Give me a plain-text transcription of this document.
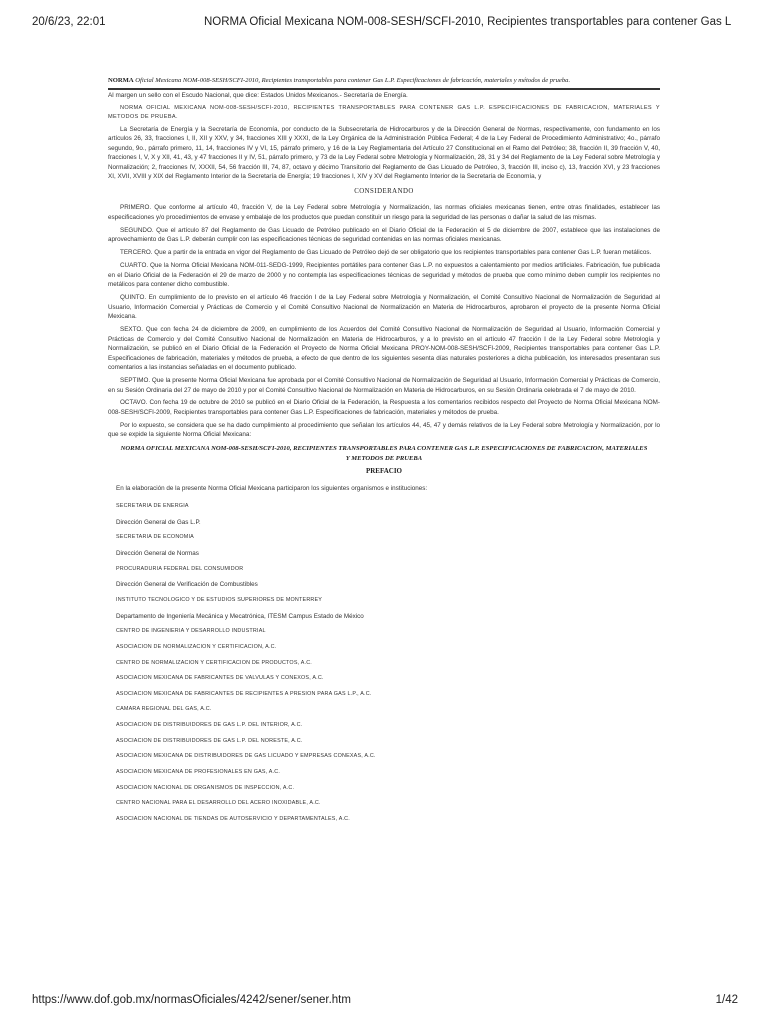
20/6/23, 22:01	NORMA Oficial Mexicana NOM-008-SESH/SCFI-2010, Recipientes transportables para contener Gas L

NORMA Oficial Mexicana NOM-008-SESH/SCFI-2010, Recipientes transportables para contener Gas L.P. Especificaciones de fabricación, materiales y métodos de prueba.

Al margen un sello con el Escudo Nacional, que dice: Estados Unidos Mexicanos.- Secretaría de Energía.

NORMA OFICIAL MEXICANA NOM-008-SESH/SCFI-2010, RECIPIENTES TRANSPORTABLES PARA CONTENER GAS L.P. ESPECIFICACIONES DE FABRICACION, MATERIALES Y METODOS DE PRUEBA.

La Secretaría de Energía y la Secretaría de Economía, por conducto de la Subsecretaría de Hidrocarburos y de la Dirección General de Normas, respectivamente, con fundamento en los artículos 26, 33, fracciones I, II, XII y XXV, y 34, fracciones XIII y XXXI, de la Ley Orgánica de la Administración Pública Federal; 4 de la Ley Federal de Procedimiento Administrativo; 4o., párrafo segundo, 9o., párrafo primero, 11, 14, fracciones IV y VI, 15, párrafo primero, y 16 de la Ley Reglamentaria del Artículo 27 Constitucional en el Ramo del Petróleo; 38, fracción II, 39 fracción V, 40, fracciones I, V, X y XII, 41, 43, y 47 fracciones II y IV, 51, párrafo primero, y 73 de la Ley Federal sobre Metrología y Normalización, 28, 31 y 34 del Reglamento de la Ley Federal sobre Metrología y Normalización; 2, fracciones IV, XXXII, 54, 56 fracción III, 74, 87, octavo y décimo Transitorio del Reglamento de Gas Licuado de Petróleo, 3, fracción III, inciso c), 13, fracción XVI, y 23 fracciones XI, XVII, XVIII y XIX del Reglamento Interior de la Secretaría de Energía; 19 fracciones I, XIV y XV del Reglamento Interior de la Secretaría de Economía, y

CONSIDERANDO

PRIMERO. Que conforme al artículo 40, fracción V, de la Ley Federal sobre Metrología y Normalización, las normas oficiales mexicanas tienen, entre otras finalidades, establecer las especificaciones y/o procedimientos de envase y embalaje de los productos que puedan constituir un riesgo para la seguridad de las personas o dañar la salud de las mismas.

SEGUNDO. Que el artículo 87 del Reglamento de Gas Licuado de Petróleo publicado en el Diario Oficial de la Federación el 5 de diciembre de 2007, establece que las instalaciones de aprovechamiento de Gas L.P. deberán cumplir con las especificaciones técnicas de seguridad contenidas en las normas oficiales mexicanas.

TERCERO. Que a partir de la entrada en vigor del Reglamento de Gas Licuado de Petróleo dejó de ser obligatorio que los recipientes transportables para contener Gas L.P. fueran metálicos.

CUARTO. Que la Norma Oficial Mexicana NOM-011-SEDG-1999, Recipientes portátiles para contener Gas L.P. no expuestos a calentamiento por medios artificiales. Fabricación, fue publicada en el Diario Oficial de la Federación el 29 de marzo de 2000 y no contempla las especificaciones técnicas de seguridad y métodos de prueba que como mínimo deben cumplir los recipientes no metálicos para contener dicho combustible.

QUINTO. En cumplimiento de lo previsto en el artículo 46 fracción I de la Ley Federal sobre Metrología y Normalización, el Comité Consultivo Nacional de Normalización de Seguridad al Usuario, Información Comercial y Prácticas de Comercio y el Comité Consultivo Nacional de Normalización en Materia de Hidrocarburos, aprobaron el proyecto de la presente Norma Oficial Mexicana.

SEXTO. Que con fecha 24 de diciembre de 2009, en cumplimiento de los Acuerdos del Comité Consultivo Nacional de Normalización de Seguridad al Usuario, Información Comercial y Prácticas de Comercio y del Comité Consultivo Nacional de Normalización en Materia de Hidrocarburos, y a lo previsto en el artículo 47 fracción I de la Ley Federal sobre Metrología y Normalización, se publicó en el Diario Oficial de la Federación el Proyecto de Norma Oficial Mexicana PROY-NOM-008-SESH/SCFI-2009, Recipientes transportables para contener Gas L.P. Especificaciones de fabricación, materiales y métodos de prueba, a efecto de que dentro de los siguientes sesenta días naturales posteriores a dicha publicación, los interesados presentaran sus comentarios a las instancias señaladas en el documento publicado.

SEPTIMO. Que la presente Norma Oficial Mexicana fue aprobada por el Comité Consultivo Nacional de Normalización de Seguridad al Usuario, Información Comercial y Prácticas de Comercio, en su Sesión Ordinaria del 27 de mayo de 2010 y por el Comité Consultivo Nacional de Normalización en Materia de Hidrocarburos, en su Sesión Ordinaria celebrada el 7 de mayo de 2010.

OCTAVO. Con fecha 19 de octubre de 2010 se publicó en el Diario Oficial de la Federación, la Respuesta a los comentarios recibidos respecto del Proyecto de Norma Oficial Mexicana NOM-008-SESH/SCFI-2009, Recipientes transportables para contener Gas L.P. Especificaciones de fabricación, materiales y métodos de prueba.

Por lo expuesto, se considera que se ha dado cumplimiento al procedimiento que señalan los artículos 44, 45, 47 y demás relativos de la Ley Federal sobre Metrología y Normalización, por lo que se expide la siguiente Norma Oficial Mexicana:

NORMA OFICIAL MEXICANA NOM-008-SESH/SCFI-2010, RECIPIENTES TRANSPORTABLES PARA CONTENER GAS L.P. ESPECIFICACIONES DE FABRICACION, MATERIALES Y METODOS DE PRUEBA

PREFACIO

En la elaboración de la presente Norma Oficial Mexicana participaron los siguientes organismos e instituciones:

SECRETARIA DE ENERGIA

Dirección General de Gas L.P.

SECRETARIA DE ECONOMIA

Dirección General de Normas

PROCURADURIA FEDERAL DEL CONSUMIDOR

Dirección General de Verificación de Combustibles

INSTITUTO TECNOLOGICO Y DE ESTUDIOS SUPERIORES DE MONTERREY

Departamento de Ingeniería Mecánica y Mecatrónica, ITESM Campus Estado de México

CENTRO DE INGENIERIA Y DESARROLLO INDUSTRIAL

ASOCIACION DE NORMALIZACION Y CERTIFICACION, A.C.

CENTRO DE NORMALIZACION Y CERTIFICACION DE PRODUCTOS, A.C.

ASOCIACION MEXICANA DE FABRICANTES DE VALVULAS Y CONEXOS, A.C.

ASOCIACION MEXICANA DE FABRICANTES DE RECIPIENTES A PRESION PARA GAS L.P., A.C.

CAMARA REGIONAL DEL GAS, A.C.

ASOCIACION DE DISTRIBUIDORES DE GAS L.P. DEL INTERIOR, A.C.

ASOCIACION DE DISTRIBUIDORES DE GAS L.P. DEL NORESTE, A.C.

ASOCIACION MEXICANA DE DISTRIBUIDORES DE GAS LICUADO Y EMPRESAS CONEXAS, A.C.

ASOCIACION MEXICANA DE PROFESIONALES EN GAS, A.C.

ASOCIACION NACIONAL DE ORGANISMOS DE INSPECCION, A.C.

CENTRO NACIONAL PARA EL DESARROLLO DEL ACERO INOXIDABLE, A.C.

ASOCIACION NACIONAL DE TIENDAS DE AUTOSERVICIO Y DEPARTAMENTALES, A.C.

https://www.dof.gob.mx/normasOficiales/4242/sener/sener.htm	1/42
